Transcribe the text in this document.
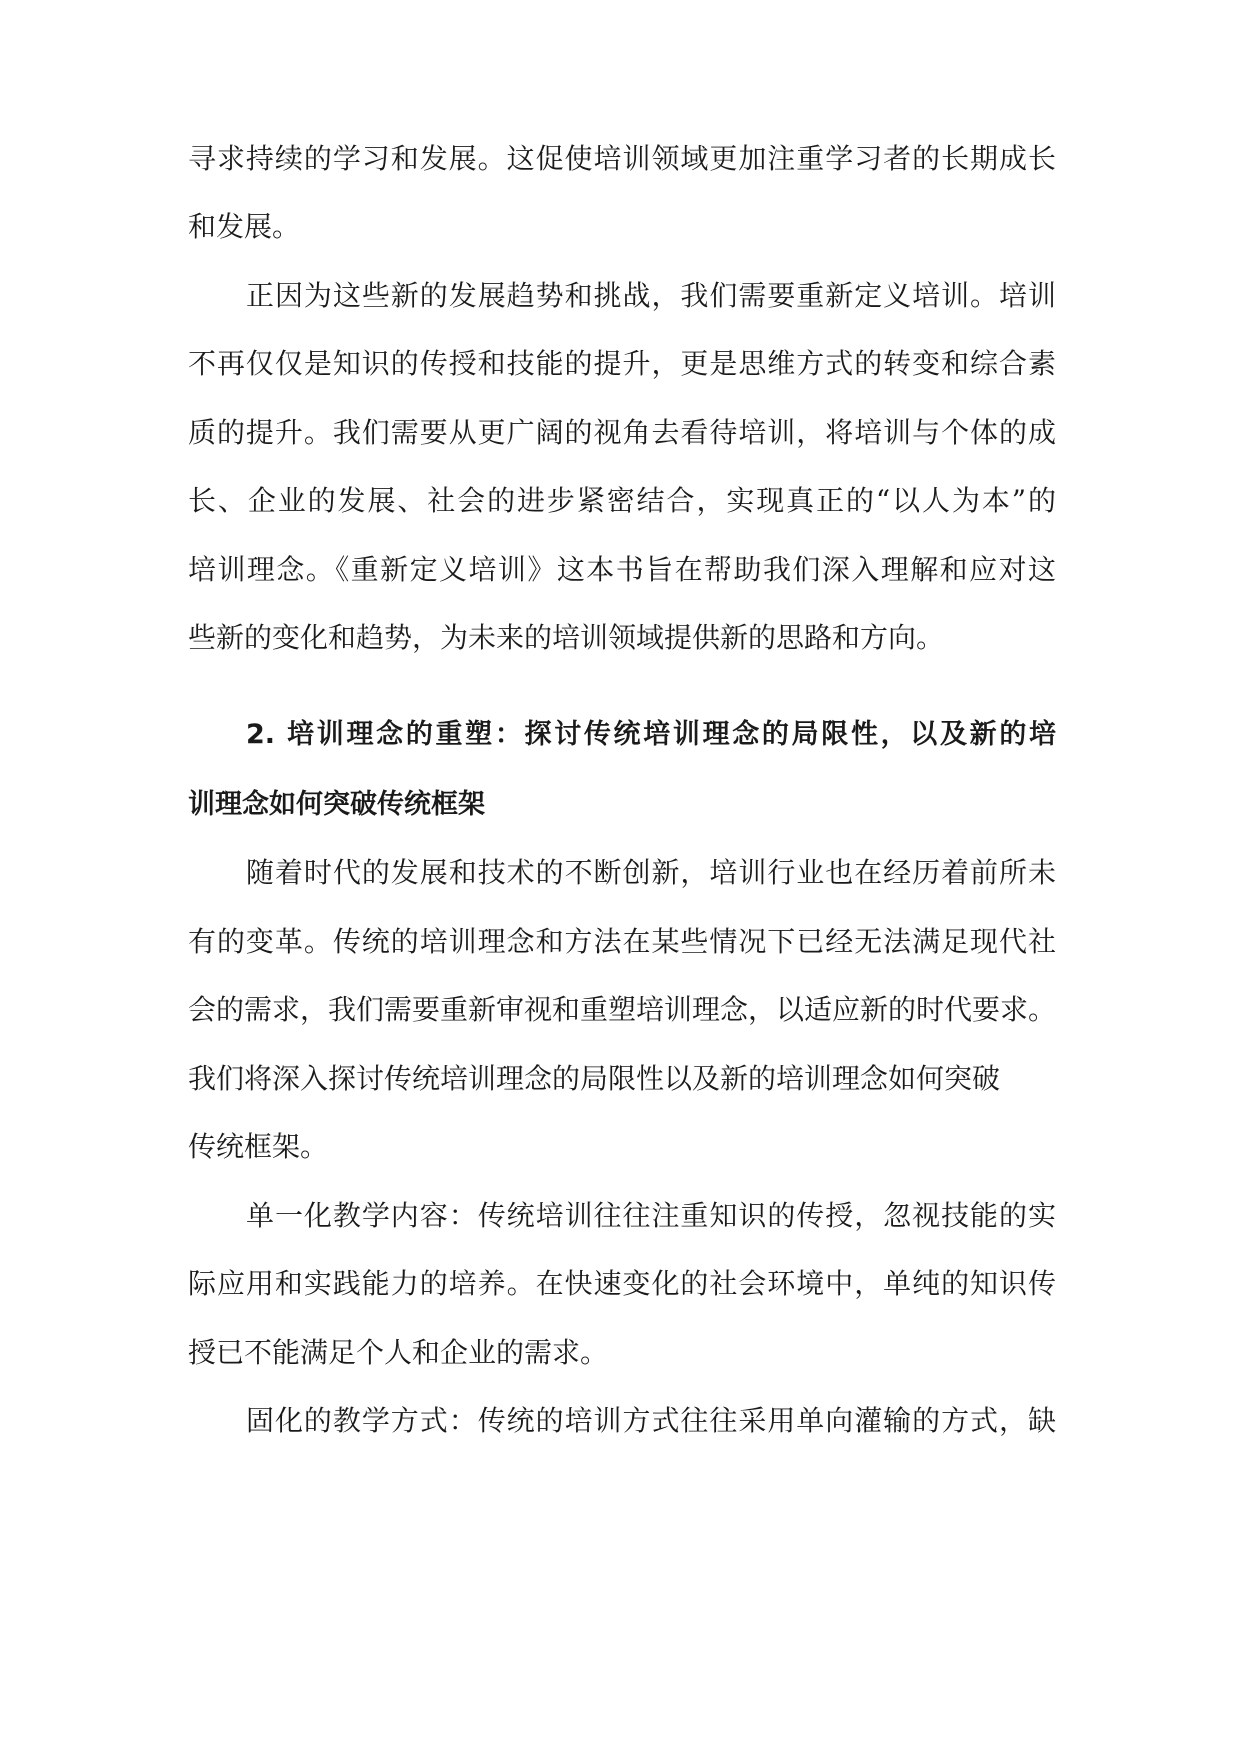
寻求持续的学习和发展。这促使培训领域更加注重学习者的长期成长

和发展。

正因为这些新的发展趋势和挑战，我们需要重新定义培训。培训

不再仅仅是知识的传授和技能的提升，更是思维方式的转变和综合素

质的提升。我们需要从更广阔的视角去看待培训，将培训与个体的成

长、企业的发展、社会的进步紧密结合，实现真正的“以人为本”的

培训理念。《重新定义培训》这本书旨在帮助我们深入理解和应对这

些新的变化和趋势，为未来的培训领域提供新的思路和方向。

2. 培训理念的重塑：探讨传统培训理念的局限性，以及新的培

训理念如何突破传统框架

随着时代的发展和技术的不断创新，培训行业也在经历着前所未

有的变革。传统的培训理念和方法在某些情况下已经无法满足现代社

会的需求，我们需要重新审视和重塑培训理念，以适应新的时代要求。

我们将深入探讨传统培训理念的局限性以及新的培训理念如何突破

传统框架。

单一化教学内容：传统培训往往注重知识的传授，忽视技能的实

际应用和实践能力的培养。在快速变化的社会环境中，单纯的知识传

授已不能满足个人和企业的需求。

固化的教学方式：传统的培训方式往往采用单向灌输的方式，缺
